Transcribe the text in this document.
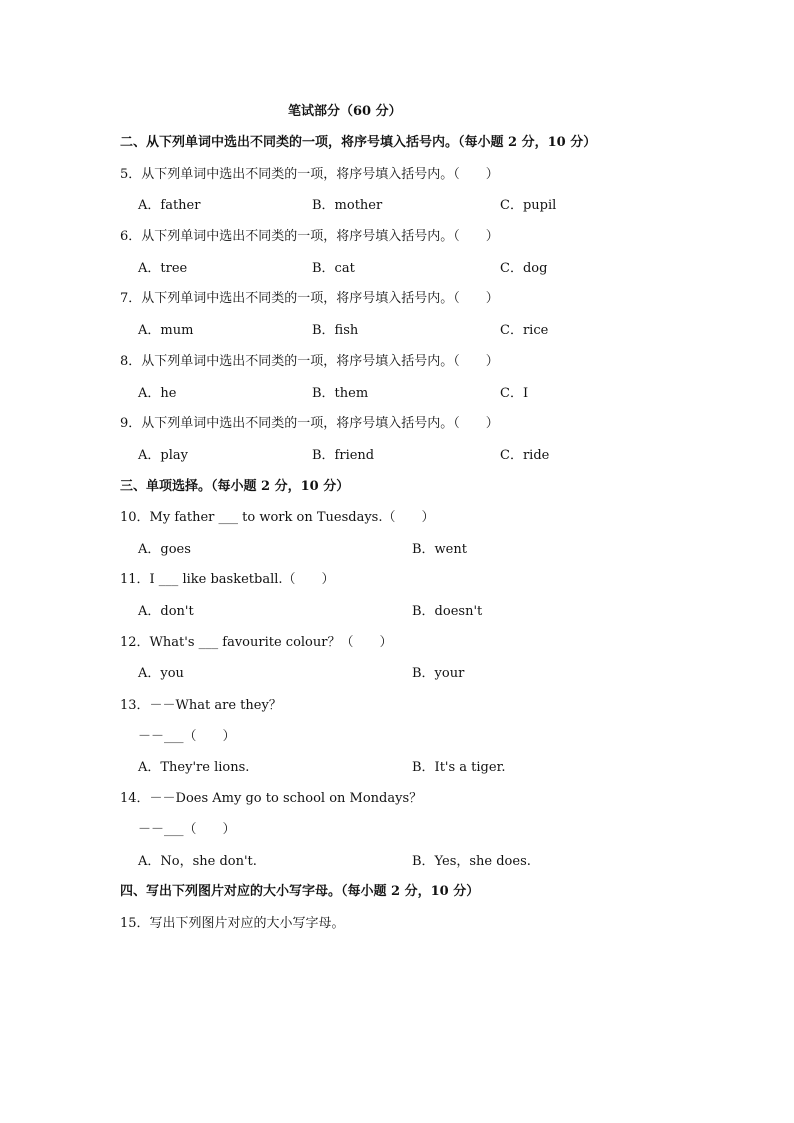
笔试部分（60 分）
二、从下列单词中选出不同类的一项，将序号填入括号内。（每小题 2 分，10 分）
5．从下列单词中选出不同类的一项，将序号填入括号内。（　　）
A．father	B．mother	C．pupil
6．从下列单词中选出不同类的一项，将序号填入括号内。（　　）
A．tree	B．cat	C．dog
7．从下列单词中选出不同类的一项，将序号填入括号内。（　　）
A．mum	B．fish	C．rice
8．从下列单词中选出不同类的一项，将序号填入括号内。（　　）
A．he	B．them	C．I
9．从下列单词中选出不同类的一项，将序号填入括号内。（　　）
A．play	B．friend	C．ride
三、单项选择。（每小题 2 分，10 分）
10．My father ___ to work on Tuesdays.（　　）
A．goes	B．went
11．I ___ like basketball.（　　）
A．don't	B．doesn't
12．What's ___ favourite colour？（　　）
A．you	B．your
13．－－What are they？
－－___（　　）
A．They're lions.	B．It's a tiger.
14．－－Does Amy go to school on Mondays？
－－___（　　）
A．No，she don't.	B．Yes，she does.
四、写出下列图片对应的大小写字母。（每小题 2 分，10 分）
15．写出下列图片对应的大小写字母。
